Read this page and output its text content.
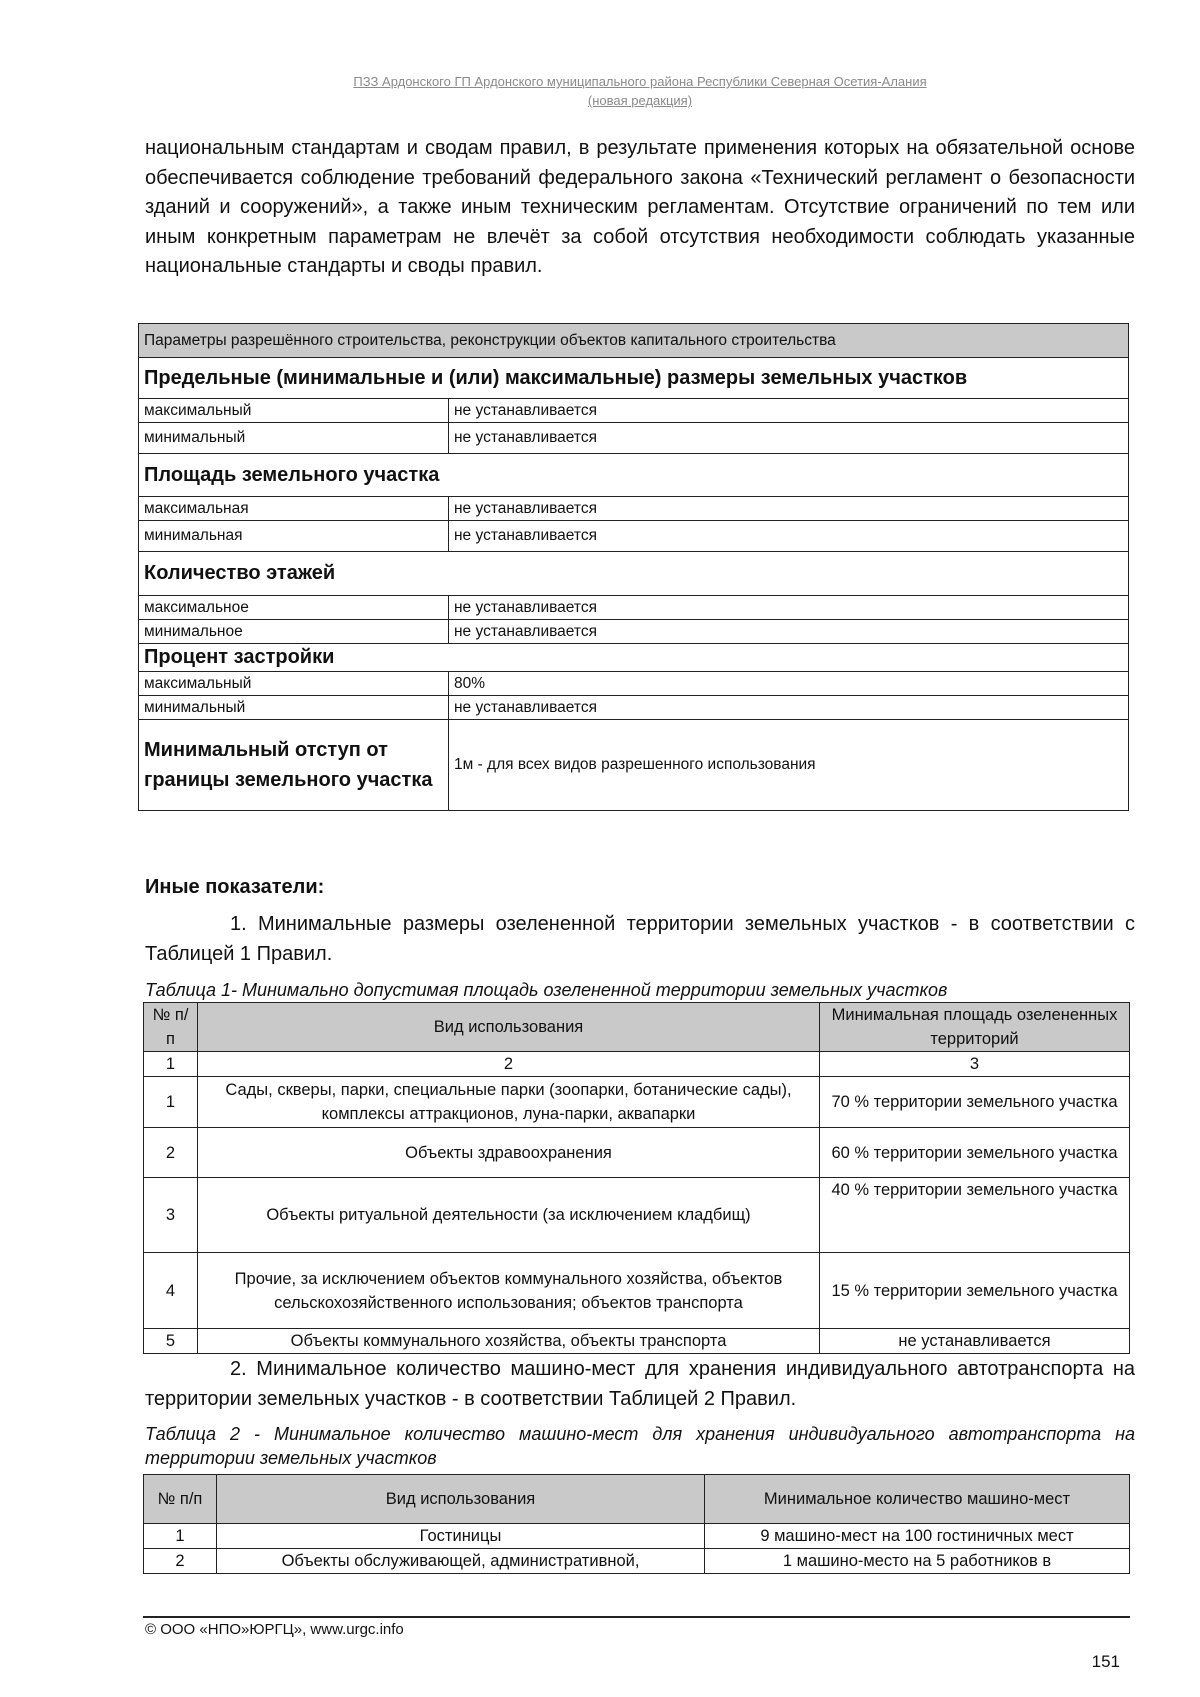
ПЗЗ Ардонского ГП Ардонского муниципального района Республики Северная Осетия-Алания
(новая редакция)
национальным стандартам и сводам правил, в результате применения которых на обязательной основе обеспечивается соблюдение требований федерального закона «Технический регламент о безопасности зданий и сооружений», а также иным техническим регламентам. Отсутствие ограничений по тем или иным конкретным параметрам не влечёт за собой отсутствия необходимости соблюдать указанные национальные стандарты и своды правил.
Параметры разрешённого строительства, реконструкции объектов капитального строительства	
Предельные (минимальные и (или) максимальные) размеры земельных участков	
максимальный	не устанавливается
минимальный	не устанавливается
Площадь земельного участка	
максимальная	не устанавливается
минимальная	не устанавливается
Количество этажей	
максимальное	не устанавливается
минимальное	не устанавливается
Процент застройки	
максимальный	80%
минимальный	не устанавливается
Минимальный отступ от границы земельного участка	1м - для всех видов разрешенного использования
Иные показатели:
1. Минимальные размеры озелененной территории земельных участков - в соответствии с Таблицей 1 Правил.
Таблица 1- Минимально допустимая площадь озелененной территории земельных участков
№ п/п	Вид использования	Минимальная площадь озелененных территорий
1	2	3
1	Сады, скверы, парки, специальные парки (зоопарки, ботанические сады), комплексы аттракционов, луна-парки, аквапарки	70 % территории земельного участка
2	Объекты здравоохранения	60 % территории земельного участка
3	Объекты ритуальной деятельности (за исключением кладбищ)	40 % территории земельного участка
4	Прочие, за исключением объектов коммунального хозяйства, объектов сельскохозяйственного использования; объектов транспорта	15 % территории земельного участка
5	Объекты коммунального хозяйства, объекты транспорта	не устанавливается
2. Минимальное количество машино-мест для хранения индивидуального автотранспорта на территории земельных участков - в соответствии Таблицей 2 Правил.
Таблица 2 - Минимальное количество машино-мест для хранения индивидуального автотранспорта на территории земельных участков
№ п/п	Вид использования	Минимальное количество машино-мест
1	Гостиницы	9 машино-мест на 100 гостиничных мест
2	Объекты обслуживающей, административной,	1 машино-место на 5 работников в
© ООО «НПО»ЮРГЦ», www.urgc.info
151
